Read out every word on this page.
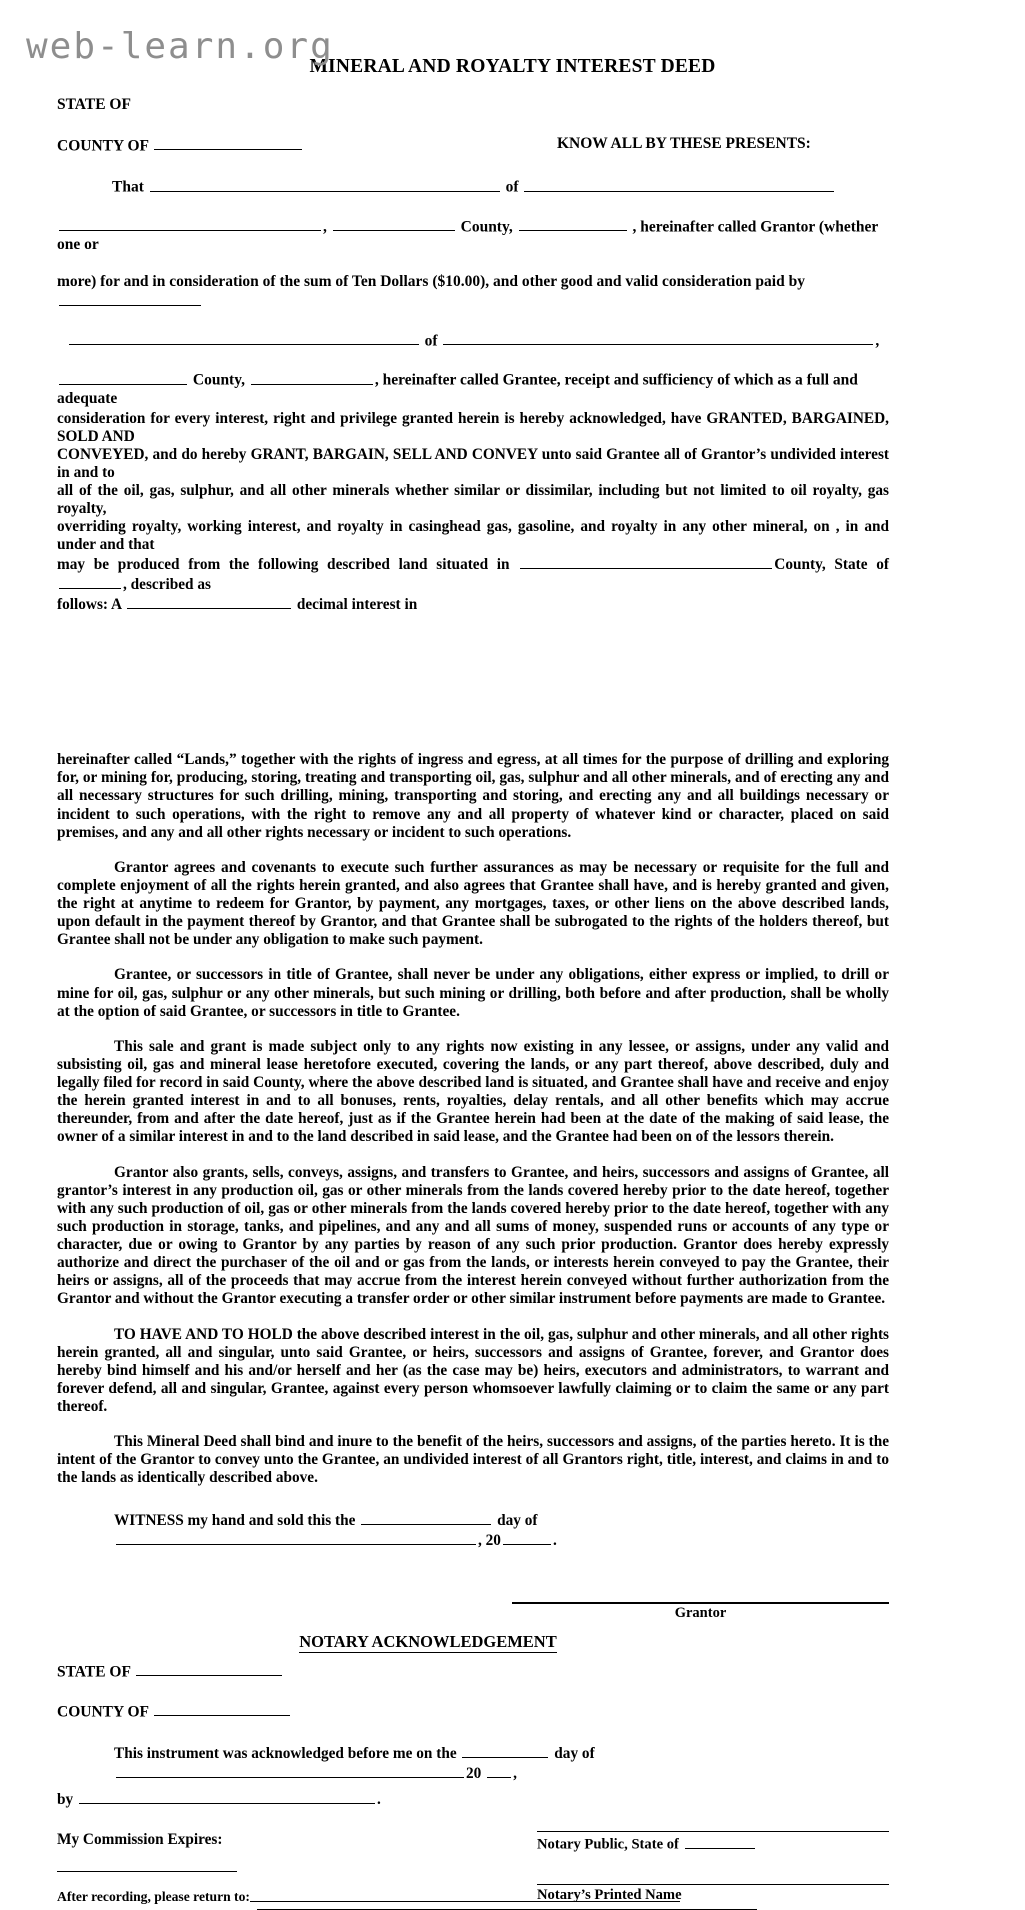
web-learn.org
MINERAL AND ROYALTY INTEREST DEED
STATE OF
COUNTY OF	KNOW ALL BY THESE PRESENTS:
That	of
,	County,	, hereinafter called Grantor (whether one or
more) for and in consideration of the sum of Ten Dollars ($10.00), and other good and valid consideration paid by
of	,
County,	, hereinafter called Grantee, receipt and sufficiency of which as a full and adequate
consideration for every interest, right and privilege granted herein is hereby acknowledged, have GRANTED, BARGAINED, SOLD AND
CONVEYED, and do hereby GRANT, BARGAIN, SELL AND CONVEY unto said Grantee all of Grantor’s undivided interest in and to
all of the oil, gas, sulphur, and all other minerals whether similar or dissimilar, including but not limited to oil royalty, gas royalty,
overriding royalty, working interest, and royalty in casinghead gas, gasoline, and royalty in any other mineral, on , in and under and that
may be produced from the following described land situated in	County, State of , described as
follows: A	decimal interest in
hereinafter called “Lands,” together with the rights of ingress and egress, at all times for the purpose of drilling and exploring for, or mining for, producing, storing, treating and transporting oil, gas, sulphur and all other minerals, and of erecting any and all necessary structures for such drilling, mining, transporting and storing, and erecting any and all buildings necessary or incident to such operations, with the right to remove any and all property of whatever kind or character, placed on said premises, and any and all other rights necessary or incident to such operations.
Grantor agrees and covenants to execute such further assurances as may be necessary or requisite for the full and complete enjoyment of all the rights herein granted, and also agrees that Grantee shall have, and is hereby granted and given, the right at anytime to redeem for Grantor, by payment, any mortgages, taxes, or other liens on the above described lands, upon default in the payment thereof by Grantor, and that Grantee shall be subrogated to the rights of the holders thereof, but Grantee shall not be under any obligation to make such payment.
Grantee, or successors in title of Grantee, shall never be under any obligations, either express or implied, to drill or mine for oil, gas, sulphur or any other minerals, but such mining or drilling, both before and after production, shall be wholly at the option of said Grantee, or successors in title to Grantee.
This sale and grant is made subject only to any rights now existing in any lessee, or assigns, under any valid and subsisting oil, gas and mineral lease heretofore executed, covering the lands, or any part thereof, above described, duly and legally filed for record in said County, where the above described land is situated, and Grantee shall have and receive and enjoy the herein granted interest in and to all bonuses, rents, royalties, delay rentals, and all other benefits which may accrue thereunder, from and after the date hereof, just as if the Grantee herein had been at the date of the making of said lease, the owner of a similar interest in and to the land described in said lease, and the Grantee had been on of the lessors therein.
Grantor also grants, sells, conveys, assigns, and transfers to Grantee, and heirs, successors and assigns of Grantee, all grantor’s interest in any production oil, gas or other minerals from the lands covered hereby prior to the date hereof, together with any such production of oil, gas or other minerals from the lands covered hereby prior to the date hereof, together with any such production in storage, tanks, and pipelines, and any and all sums of money, suspended runs or accounts of any type or character, due or owing to Grantor by any parties by reason of any such prior production. Grantor does hereby expressly authorize and direct the purchaser of the oil and or gas from the lands, or interests herein conveyed to pay the Grantee, their heirs or assigns, all of the proceeds that may accrue from the interest herein conveyed without further authorization from the Grantor and without the Grantor executing a transfer order or other similar instrument before payments are made to Grantee.
TO HAVE AND TO HOLD the above described interest in the oil, gas, sulphur and other minerals, and all other rights herein granted, all and singular, unto said Grantee, or heirs, successors and assigns of Grantee, forever, and Grantor does hereby bind himself and his and/or herself and her (as the case may be) heirs, executors and administrators, to warrant and forever defend, all and singular, Grantee, against every person whomsoever lawfully claiming or to claim the same or any part thereof.
This Mineral Deed shall bind and inure to the benefit of the heirs, successors and assigns, of the parties hereto. It is the intent of the Grantor to convey unto the Grantee, an undivided interest of all Grantors right, title, interest, and claims in and to the lands as identically described above.
WITNESS my hand and sold this the	day of , 20	.
Grantor
NOTARY ACKNOWLEDGEMENT
STATE OF
COUNTY OF
This instrument was acknowledged before me on the	day of 20 ,
by	.
My Commission Expires:	Notary Public, State of
Notary’s Printed Name
After recording, please return to:
